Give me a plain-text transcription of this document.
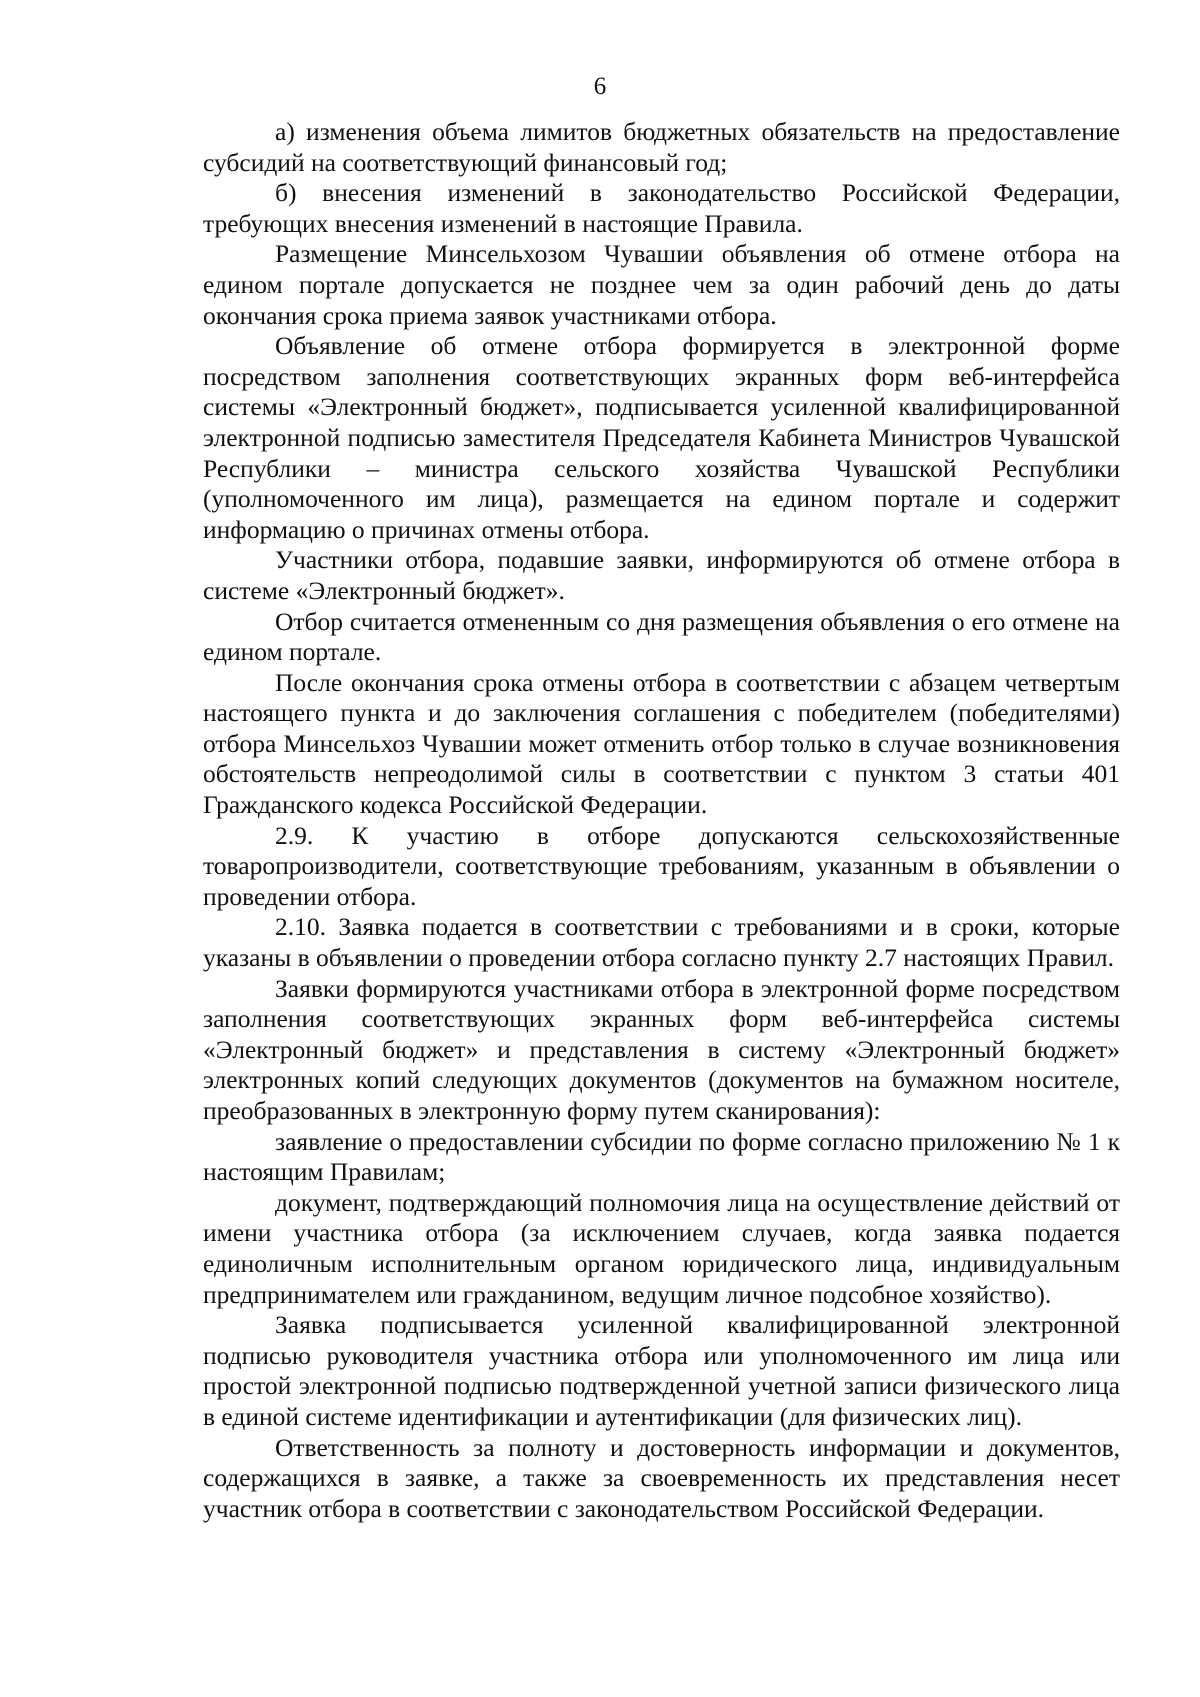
6

а) изменения объема лимитов бюджетных обязательств на предоставление субсидий на соответствующий финансовый год;

б) внесения изменений в законодательство Российской Федерации, требующих внесения изменений в настоящие Правила.

Размещение Минсельхозом Чувашии объявления об отмене отбора на едином портале допускается не позднее чем за один рабочий день до даты окончания срока приема заявок участниками отбора.

Объявление об отмене отбора формируется в электронной форме посредством заполнения соответствующих экранных форм веб-интерфейса системы «Электронный бюджет», подписывается усиленной квалифицированной электронной подписью заместителя Председателя Кабинета Министров Чувашской Республики – министра сельского хозяйства Чувашской Республики (уполномоченного им лица), размещается на едином портале и содержит информацию о причинах отмены отбора.

Участники отбора, подавшие заявки, информируются об отмене отбора в системе «Электронный бюджет».

Отбор считается отмененным со дня размещения объявления о его отмене на едином портале.

После окончания срока отмены отбора в соответствии с абзацем четвертым настоящего пункта и до заключения соглашения с победителем (победителями) отбора Минсельхоз Чувашии может отменить отбор только в случае возникновения обстоятельств непреодолимой силы в соответствии с пунктом 3 статьи 401 Гражданского кодекса Российской Федерации.

2.9. К участию в отборе допускаются сельскохозяйственные товаропроизводители, соответствующие требованиям, указанным в объявлении о проведении отбора.

2.10. Заявка подается в соответствии с требованиями и в сроки, которые указаны в объявлении о проведении отбора согласно пункту 2.7 настоящих Правил.

Заявки формируются участниками отбора в электронной форме посредством заполнения соответствующих экранных форм веб-интерфейса системы «Электронный бюджет» и представления в систему «Электронный бюджет» электронных копий следующих документов (документов на бумажном носителе, преобразованных в электронную форму путем сканирования):

заявление о предоставлении субсидии по форме согласно приложению № 1 к настоящим Правилам;

документ, подтверждающий полномочия лица на осуществление действий от имени участника отбора (за исключением случаев, когда заявка подается единоличным исполнительным органом юридического лица, индивидуальным предпринимателем или гражданином, ведущим личное подсобное хозяйство).

Заявка подписывается усиленной квалифицированной электронной подписью руководителя участника отбора или уполномоченного им лица или простой электронной подписью подтвержденной учетной записи физического лица в единой системе идентификации и аутентификации (для физических лиц).

Ответственность за полноту и достоверность информации и документов, содержащихся в заявке, а также за своевременность их представления несет участник отбора в соответствии с законодательством Российской Федерации.
